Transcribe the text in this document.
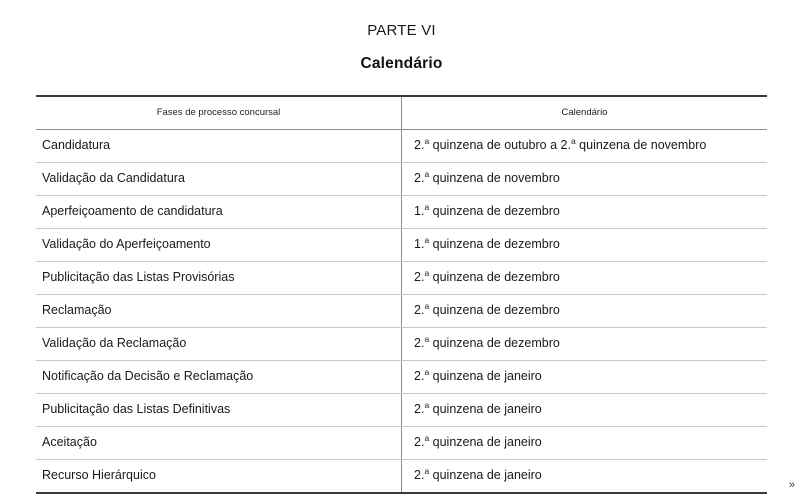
PARTE VI
Calendário
Fases de processo concursal	Calendário
Candidatura	2.$^a$ quinzena de outubro a 2.$^a$ quinzena de novembro
Validação da Candidatura	2.$^a$ quinzena de novembro
Aperfeiçoamento de candidatura	1.$^a$ quinzena de dezembro
Validação do Aperfeiçoamento	1.$^a$ quinzena de dezembro
Publicitação das Listas Provisórias	2.$^a$ quinzena de dezembro
Reclamação	2.$^a$ quinzena de dezembro
Validação da Reclamação	2.$^a$ quinzena de dezembro
Notificação da Decisão e Reclamação	2.$^a$ quinzena de janeiro
Publicitação das Listas Definitivas	2.$^a$ quinzena de janeiro
Aceitação	2.$^a$ quinzena de janeiro
Recurso Hierárquico	2.$^a$ quinzena de janeiro
»
